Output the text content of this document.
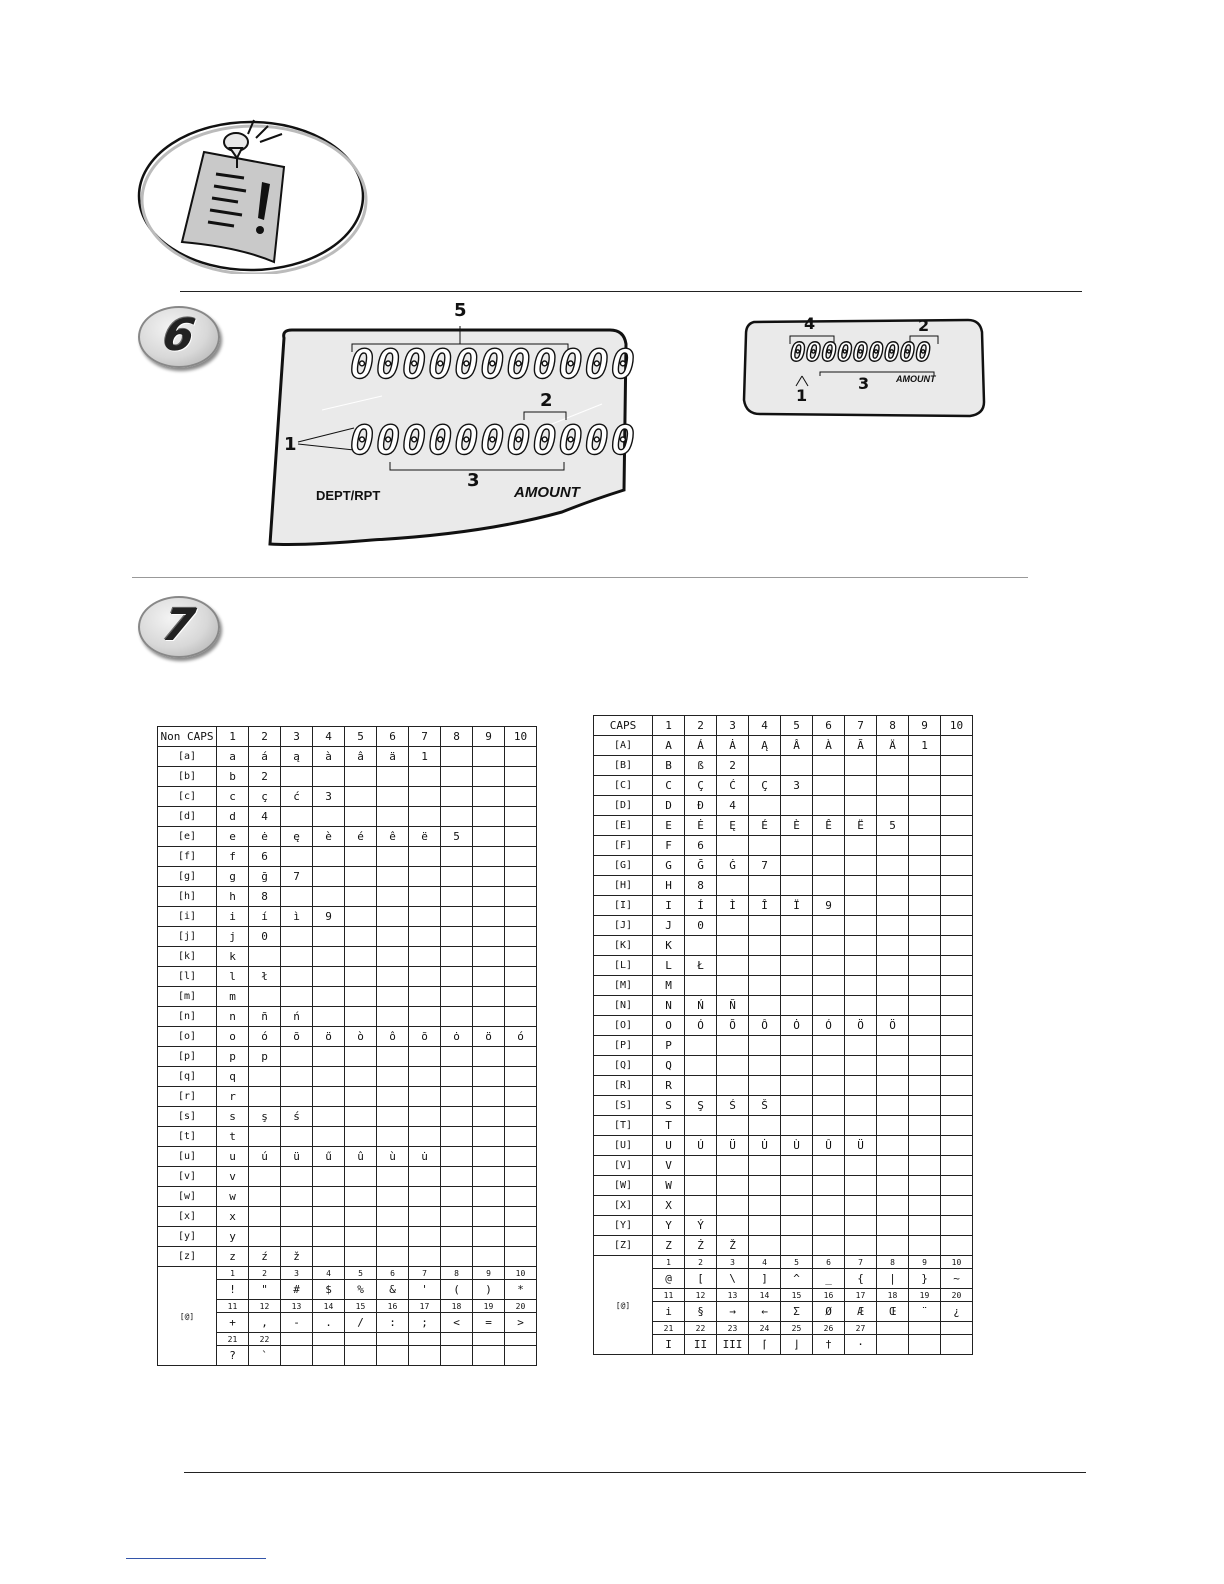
6	5
00000000000
2
1 00000000000
3
DEPT/RPT	AMOUNT
4	2
000000000
1
3	AMOUNT
7
Non CAPS	1	2	3	4	5	6	7	8	9	10
[a]	a	á	ą	à	â	ä	1			
[b]	b	2								
[c]	c	ç	ć	3						
[d]	d	4								
[e]	e	ė	ę	è	é	ê	ë	5		
[f]	f	6								
[g]	g	ḡ	7							
[h]	h	8								
[i]	i	í	ì	9						
[j]	j	0								
[k]	k									
[l]	l	ł								
[m]	m									
[n]	n	ñ	ń							
[o]	o	ó	õ	ö	ò	ô	õ	ȯ	ö	ó
[p]	p	p								
[q]	q									
[r]	r									
[s]	s	ş	ś							
[t]	t									
[u]	u	ú	ü	ű	û	ù	u̇			
[v]	v									
[w]	w									
[x]	x									
[y]	y									
[z]	z	ź	ž							
[@]	1	2	3	4	5	6	7	8	9	10
	!	"	#	$	%	&	'	(	)	*
	11	12	13	14	15	16	17	18	19	20
	+	,	-	.	/	:	;	<	=	>
	21	22								
	?	`								
CAPS	1	2	3	4	5	6	7	8	9	10
[A]	A	Á	Ȧ	Ą	Â	À	Ã	Ä	1	
[B]	B	ß	2							
[C]	C	Ç	Ć	Ç	3					
[D]	D	Đ	4							
[E]	E	Ė	Ę	É	È	Ê	Ë	5		
[F]	F	6								
[G]	G	Ḡ	Ġ	7						
[H]	H	8								
[I]	I	Í	Ì	Î	Ï	9				
[J]	J	0								
[K]	K									
[L]	L	Ł								
[M]	M									
[N]	N	Ń	Ñ							
[O]	O	Ó	Õ	Ô	Ȯ	Ó	Ö	Ö		
[P]	P									
[Q]	Q									
[R]	R									
[S]	S	Ş	Ś	Š						
[T]	T									
[U]	U	Ú	Ü	U̇	Ù	Û	Ü			
[V]	V									
[W]	W									
[X]	X									
[Y]	Y	Ý								
[Z]	Z	Ż	Ž							
[@]	1	2	3	4	5	6	7	8	9	10
	@	[	\	]	^	_	{	|	}	~
	11	12	13	14	15	16	17	18	19	20
	i	§	→	←	Σ	Ø	Æ	Œ	¨	¿
	21	22	23	24	25	26	27			
	I	II	III	⌈	⌋	†	·			
